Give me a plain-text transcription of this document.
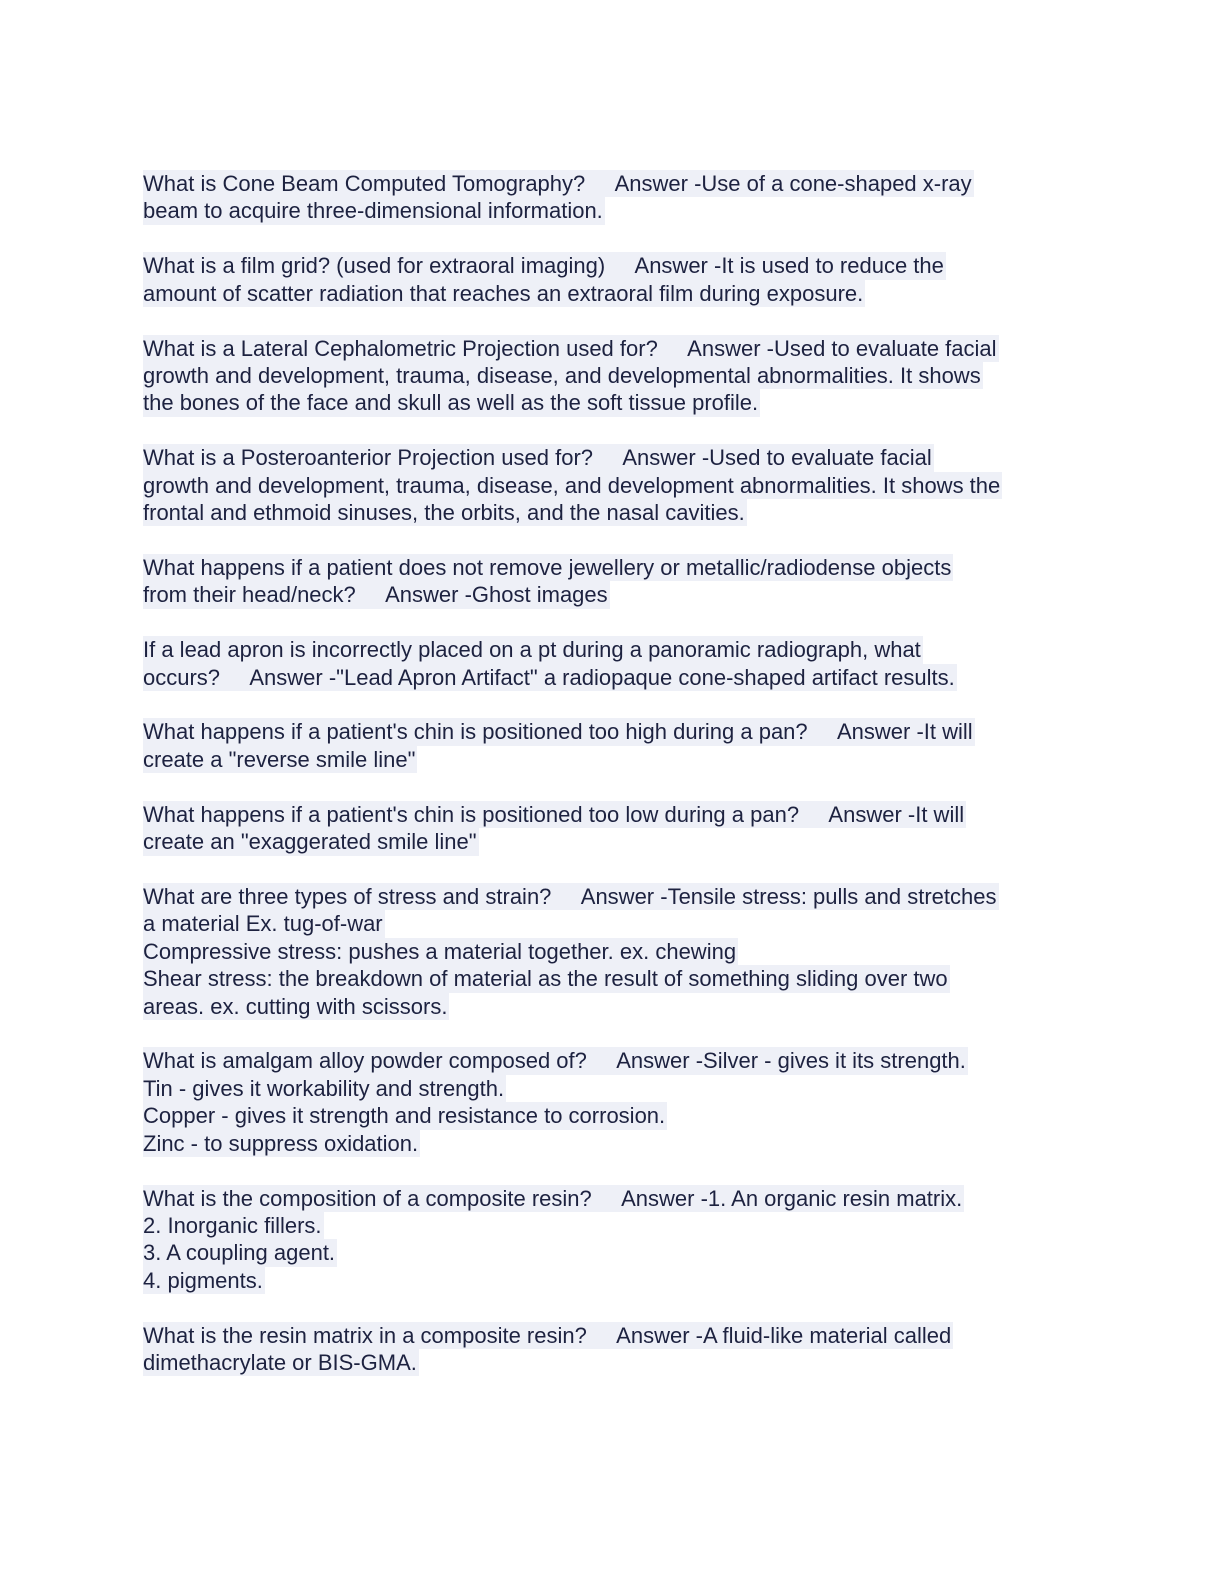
What is Cone Beam Computed Tomography?     Answer -Use of a cone-shaped x-ray
beam to acquire three-dimensional information.
What is a film grid? (used for extraoral imaging)     Answer -It is used to reduce the
amount of scatter radiation that reaches an extraoral film during exposure.
What is a Lateral Cephalometric Projection used for?     Answer -Used to evaluate facial
growth and development, trauma, disease, and developmental abnormalities. It shows
the bones of the face and skull as well as the soft tissue profile.
What is a Posteroanterior Projection used for?     Answer -Used to evaluate facial
growth and development, trauma, disease, and development abnormalities. It shows the
frontal and ethmoid sinuses, the orbits, and the nasal cavities.
What happens if a patient does not remove jewellery or metallic/radiodense objects
from their head/neck?     Answer -Ghost images
If a lead apron is incorrectly placed on a pt during a panoramic radiograph, what
occurs?     Answer -"Lead Apron Artifact" a radiopaque cone-shaped artifact results.
What happens if a patient's chin is positioned too high during a pan?     Answer -It will
create a "reverse smile line"
What happens if a patient's chin is positioned too low during a pan?     Answer -It will
create an "exaggerated smile line"
What are three types of stress and strain?     Answer -Tensile stress: pulls and stretches
a material Ex. tug-of-war
Compressive stress: pushes a material together. ex. chewing
Shear stress: the breakdown of material as the result of something sliding over two
areas. ex. cutting with scissors.
What is amalgam alloy powder composed of?     Answer -Silver - gives it its strength.
Tin - gives it workability and strength.
Copper - gives it strength and resistance to corrosion.
Zinc - to suppress oxidation.
What is the composition of a composite resin?     Answer -1. An organic resin matrix.
2. Inorganic fillers.
3. A coupling agent.
4. pigments.
What is the resin matrix in a composite resin?     Answer -A fluid-like material called
dimethacrylate or BIS-GMA.
